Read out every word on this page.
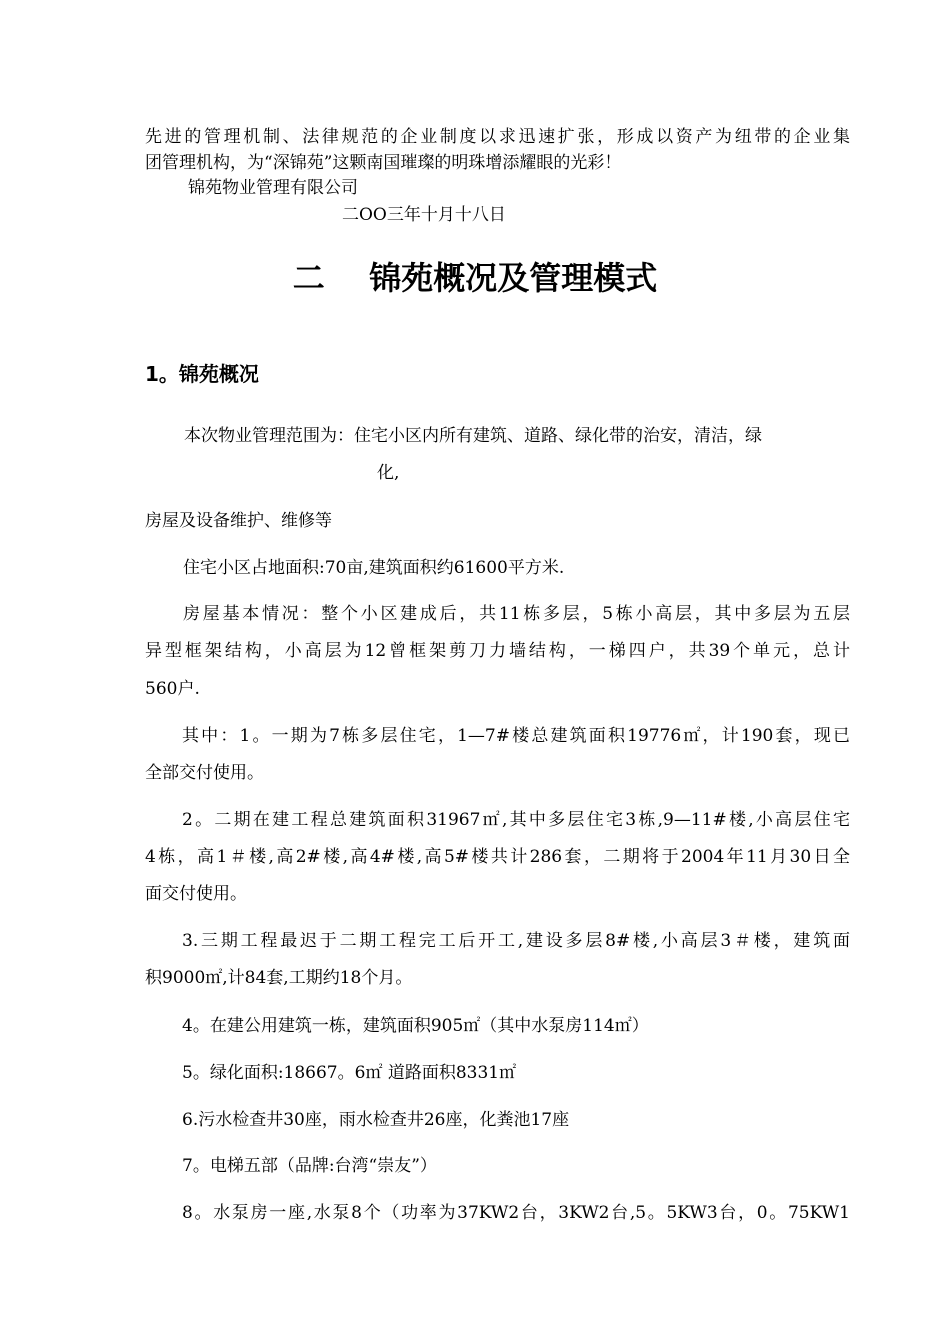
先进的管理机制、法律规范的企业制度以求迅速扩张，形成以资产为纽带的企业集
团管理机构，为“深锦苑”这颗南国璀璨的明珠增添耀眼的光彩！
锦苑物业管理有限公司
二OO三年十月十八日
二    锦苑概况及管理模式
1。锦苑概况
本次物业管理范围为：住宅小区内所有建筑、道路、绿化带的治安，清洁，绿
化,
房屋及设备维护、维修等
住宅小区占地面积:70亩,建筑面积约61600平方米.
房屋基本情况：整个小区建成后，共11栋多层，5栋小高层，其中多层为五层
异型框架结构，小高层为12曾框架剪刀力墙结构，一梯四户，共39个单元，总计
560户.
其中：1。一期为7栋多层住宅，1—7#楼总建筑面积19776㎡，计190套，现已
全部交付使用。
2。二期在建工程总建筑面积31967㎡,其中多层住宅3栋,9—11#楼,小高层住宅
4栋，高1＃楼,高2#楼,高4#楼,高5#楼共计286套，二期将于2004年11月30日全
面交付使用。
3.三期工程最迟于二期工程完工后开工,建设多层8#楼,小高层3＃楼，建筑面
积9000㎡,计84套,工期约18个月。
4。在建公用建筑一栋，建筑面积905㎡（其中水泵房114㎡）
5。绿化面积:18667。6㎡ 道路面积8331㎡
6.污水检查井30座，雨水检查井26座，化粪池17座
7。电梯五部（品牌:台湾“崇友”）
8。水泵房一座,水泵8个（功率为37KW2台，3KW2台,5。5KW3台，0。75KW1
